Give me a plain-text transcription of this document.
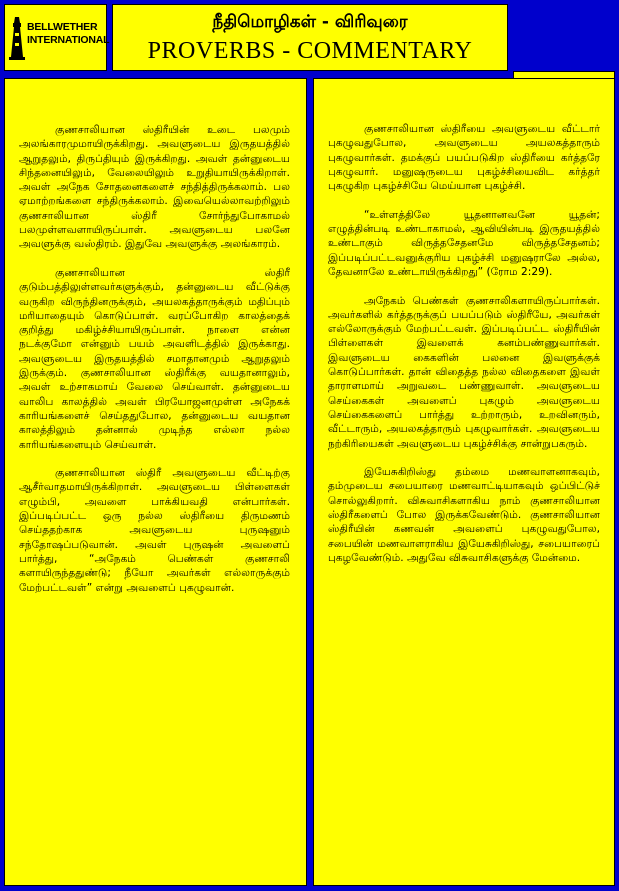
BELLWETHER
INTERNATIONAL
நீதிமொழிகள் - விரிவுரை
PROVERBS - COMMENTARY

குணசாலியான ஸ்திரீயின் உடை பலமும் அலங்காரமுமாயிருக்கிறது. அவளுடைய இருதயத்தில் ஆறுதலும், திருப்தியும் இருக்கிறது. அவள் தன்னுடைய சிந்தனையிலும், வேலையிலும் உறுதியாயிருக்கிறாள். அவள் அநேக சோதனைகளைச் சந்தித்திருக்கலாம். பல ஏமாற்றங்களை சந்திருக்கலாம். இவையெல்லாவற்றிலும் குணசாலியான ஸ்திரீ சோர்ந்துபோகாமல் பலமுள்ளவளாயிருப்பாள். அவளுடைய பலனே அவளுக்கு வஸ்திரம். இதுவே அவளுக்கு அலங்காரம்.

குணசாலியான ஸ்திரீ குடும்பத்திலுள்ளவர்களுக்கும், தன்னுடைய வீட்டுக்கு வருகிற விருந்தினருக்கும், அயலகத்தாருக்கும் மதிப்பும் மரியாதையும் கொடுப்பாள். வரப்போகிற காலத்தைக் குறித்து மகிழ்ச்சியாயிருப்பாள். நாளை என்ன நடக்குமோ என்னும் பயம் அவளிடத்தில் இருக்காது. அவளுடைய இருதயத்தில் சமாதானமும் ஆறுதலும் இருக்கும். குணசாலியான ஸ்திரீக்கு வயதானாலும், அவள் உற்சாகமாய் வேலை செய்வாள். தன்னுடைய வாலிப காலத்தில் அவள் பிரயோஜனமுள்ள அநேகக் காரியங்களைச் செய்ததுபோல, தன்னுடைய வயதான காலத்திலும் தன்னால் முடிந்த எல்லா நல்ல காரியங்களையும் செய்வாள்.

குணசாலியான ஸ்திரீ அவளுடைய வீட்டிற்கு ஆசீர்வாதமாயிருக்கிறாள். அவளுடைய பிள்ளைகள் எழும்பி, அவளை பாக்கியவதி என்பார்கள். இப்படிப்பட்ட ஒரு நல்ல ஸ்திரீயை திருமணம் செய்ததற்காக அவளுடைய புருஷனும் சந்தோஷப்படுவான். அவள் புருஷன் அவளைப் பார்த்து, “அநேகம் பெண்கள் குணசாலி களாயிருந்ததுண்டு; நீயோ அவர்கள் எல்லாருக்கும் மேற்பட்டவள்” என்று அவளைப் புகழுவான்.

குணசாலியான ஸ்திரீயை அவளுடைய வீட்டார் புகழுவதுபோல, அவளுடைய அயலகத்தாரும் புகழுவார்கள். தமக்குப் பயப்படுகிற ஸ்திரீயை கர்த்தரே புகழுவார். மனுஷருடைய புகழ்ச்சியைவிட கர்த்தர் புகழுகிற புகழ்ச்சியே மெய்யான புகழ்ச்சி.

“உள்ளத்திலே யூதனானவனே யூதன்; எழுத்தின்படி உண்டாகாமல், ஆவியின்படி இருதயத்தில் உண்டாகும் விருத்தசேதனமே விருத்தசேதனம்; இப்படிப்பட்டவனுக்குரிய புகழ்ச்சி மனுஷராலே அல்ல, தேவனாலே உண்டாயிருக்கிறது” (ரோம 2:29).

அநேகம் பெண்கள் குணசாலிகளாயிருப்பார்கள். அவர்களில் கர்த்தருக்குப் பயப்படும் ஸ்திரீயே, அவர்கள் எல்லோருக்கும் மேற்பட்டவள். இப்படிப்பட்ட ஸ்திரீயின் பிள்ளைகள் இவளைக் கனம்பண்ணுவார்கள். இவளுடைய கைகளின் பலனை இவளுக்குக் கொடுப்பார்கள். தான் விதைத்த நல்ல விதைகளை இவள் தாராளமாய் அறுவடை பண்ணுவாள். அவளுடைய செய்கைகள் அவளைப் புகழும் அவளுடைய செய்கைகளைப் பார்த்து உற்றாரும், உறவினரும், வீட்டாரும், அயலகத்தாரும் புகழுவார்கள். அவளுடைய நற்கிரியைகள் அவளுடைய புகழ்ச்சிக்கு சான்றுபகரும்.

இயேசுகிறிஸ்து தம்மை மணவாளனாகவும், தம்முடைய சபையாரை மணவாட்டியாகவும் ஒப்பிட்டுச் சொல்லுகிறார். விசுவாசிகளாகிய நாம் குணசாலியான ஸ்திரீகளைப் போல இருக்கவேண்டும். குணசாலியான ஸ்திரீயின் கணவன் அவளைப் புகழுவதுபோல, சபையின் மணவாளராகிய இயேசுகிறிஸ்து, சபையாரைப் புகழவேண்டும். அதுவே விசுவாசிகளுக்கு மேன்மை.
